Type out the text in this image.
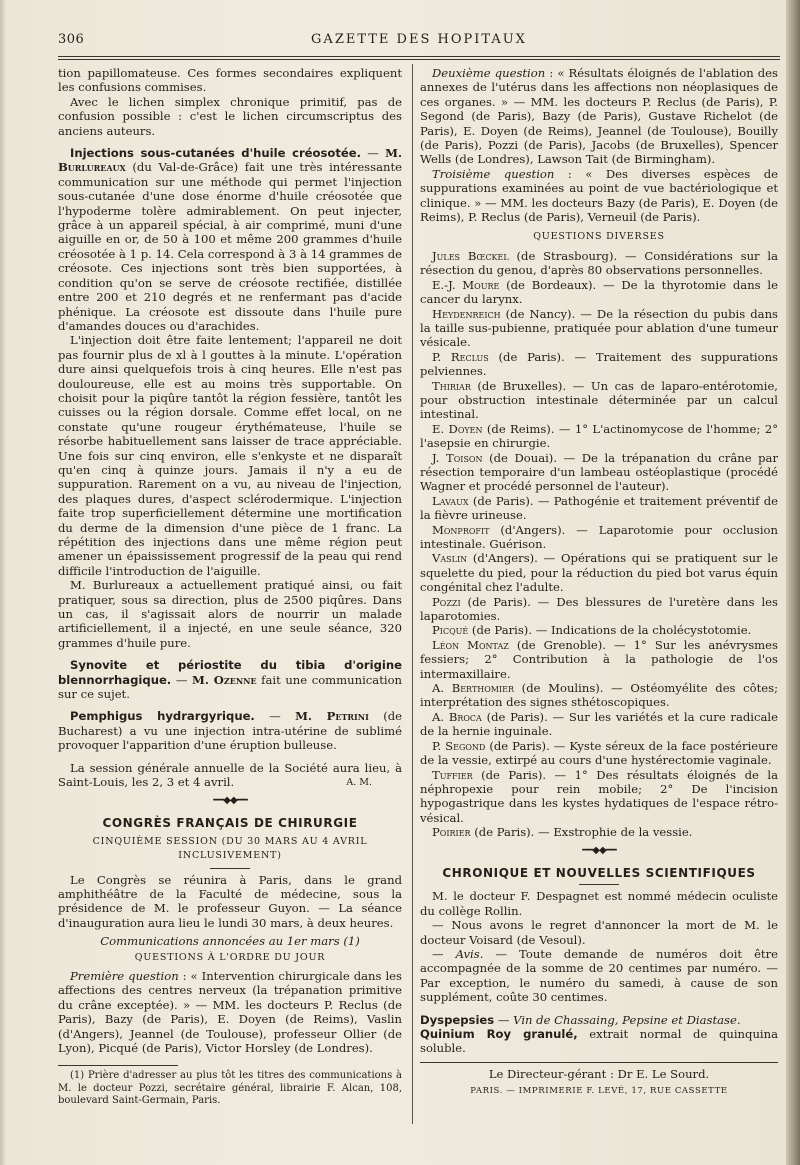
306	GAZETTE DES HOPITAUX

tion papillomateuse. Ces formes secondaires expliquent les confusions commises.

Avec le lichen simplex chronique primitif, pas de confusion possible : c'est le lichen circumscriptus des anciens auteurs.

Injections sous-cutanées d'huile créosotée. — M. Burlureaux (du Val-de-Grâce) fait une très intéressante communication sur une méthode qui permet l'injection sous-cutanée d'une dose énorme d'huile créosotée que l'hypoderme tolère admirablement. On peut injecter, grâce à un appareil spécial, à air comprimé, muni d'une aiguille en or, de 50 à 100 et même 200 grammes d'huile créosotée à 1 p. 14. Cela correspond à 3 à 14 grammes de créosote. Ces injections sont très bien supportées, à condition qu'on se serve de créosote rectifiée, distillée entre 200 et 210 degrés et ne renfermant pas d'acide phénique. La créosote est dissoute dans l'huile pure d'amandes douces ou d'arachides.

L'injection doit être faite lentement; l'appareil ne doit pas fournir plus de xl à l gouttes à la minute. L'opération dure ainsi quelquefois trois à cinq heures. Elle n'est pas douloureuse, elle est au moins très supportable. On choisit pour la piqûre tantôt la région fessière, tantôt les cuisses ou la région dorsale. Comme effet local, on ne constate qu'une rougeur érythémateuse, l'huile se résorbe habituellement sans laisser de trace appréciable. Une fois sur cinq environ, elle s'enkyste et ne disparaît qu'en cinq à quinze jours. Jamais il n'y a eu de suppuration. Rarement on a vu, au niveau de l'injection, des plaques dures, d'aspect sclérodermique. L'injection faite trop superficiellement détermine une mortification du derme de la dimension d'une pièce de 1 franc. La répétition des injections dans une même région peut amener un épaississement progressif de la peau qui rend difficile l'introduction de l'aiguille.

M. Burlureaux a actuellement pratiqué ainsi, ou fait pratiquer, sous sa direction, plus de 2500 piqûres. Dans un cas, il s'agissait alors de nourrir un malade artificiellement, il a injecté, en une seule séance, 320 grammes d'huile pure.

Synovite et périostite du tibia d'origine blennorrhagique. — M. Ozenne fait une communication sur ce sujet.

Pemphigus hydrargyrique. — M. Petrini (de Bucharest) a vu une injection intra-utérine de sublimé provoquer l'apparition d'une éruption bulleuse.

La session générale annuelle de la Société aura lieu, à Saint-Louis, les 2, 3 et 4 avril.	A. M.

━━◆◆━━
CONGRÈS FRANÇAIS DE CHIRURGIE
CINQUIÈME SESSION (DU 30 MARS AU 4 AVRIL INCLUSIVEMENT)

Le Congrès se réunira à Paris, dans le grand amphithéâtre de la Faculté de médecine, sous la présidence de M. le professeur Guyon. — La séance d'inauguration aura lieu le lundi 30 mars, à deux heures.

Communications annoncées au 1er mars (1)

QUESTIONS À L'ORDRE DU JOUR

Première question : « Intervention chirurgicale dans les affections des centres nerveux (la trépanation primitive du crâne exceptée). » — MM. les docteurs P. Reclus (de Paris), Bazy (de Paris), E. Doyen (de Reims), Vaslin (d'Angers), Jeannel (de Toulouse), professeur Ollier (de Lyon), Picqué (de Paris), Victor Horsley (de Londres).

(1) Prière d'adresser au plus tôt les titres des communications à M. le docteur Pozzi, secrétaire général, librairie F. Alcan, 108, boulevard Saint-Germain, Paris.

Deuxième question : « Résultats éloignés de l'ablation des annexes de l'utérus dans les affections non néoplasiques de ces organes. » — MM. les docteurs P. Reclus (de Paris), P. Segond (de Paris), Bazy (de Paris), Gustave Richelot (de Paris), E. Doyen (de Reims), Jeannel (de Toulouse), Bouilly (de Paris), Pozzi (de Paris), Jacobs (de Bruxelles), Spencer Wells (de Londres), Lawson Tait (de Birmingham).

Troisième question : « Des diverses espèces de suppurations examinées au point de vue bactériologique et clinique. » — MM. les docteurs Bazy (de Paris), E. Doyen (de Reims), P. Reclus (de Paris), Verneuil (de Paris).

QUESTIONS DIVERSES

Jules Bœckel (de Strasbourg). — Considérations sur la résection du genou, d'après 80 observations personnelles.

E.-J. Moure (de Bordeaux). — De la thyrotomie dans le cancer du larynx.

Heydenreich (de Nancy). — De la résection du pubis dans la taille sus-pubienne, pratiquée pour ablation d'une tumeur vésicale.

P. Reclus (de Paris). — Traitement des suppurations pelviennes.

Thiriar (de Bruxelles). — Un cas de laparo-entérotomie, pour obstruction intestinale déterminée par un calcul intestinal.

E. Doyen (de Reims). — 1° L'actinomycose de l'homme; 2° l'asepsie en chirurgie.

J. Toison (de Douai). — De la trépanation du crâne par résection temporaire d'un lambeau ostéoplastique (procédé Wagner et procédé personnel de l'auteur).

Lavaux (de Paris). — Pathogénie et traitement préventif de la fièvre urineuse.

Monprofit (d'Angers). — Laparotomie pour occlusion intestinale. Guérison.

Vaslin (d'Angers). — Opérations qui se pratiquent sur le squelette du pied, pour la réduction du pied bot varus équin congénital chez l'adulte.

Pozzi (de Paris). — Des blessures de l'uretère dans les laparotomies.

Picqué (de Paris). — Indications de la cholécystotomie.

Léon Montaz (de Grenoble). — 1° Sur les anévrysmes fessiers; 2° Contribution à la pathologie de l'os intermaxillaire.

A. Berthomier (de Moulins). — Ostéomyélite des côtes; interprétation des signes sthétoscopiques.

A. Broca (de Paris). — Sur les variétés et la cure radicale de la hernie inguinale.

P. Segond (de Paris). — Kyste séreux de la face postérieure de la vessie, extirpé au cours d'une hystérectomie vaginale.

Tuffier (de Paris). — 1° Des résultats éloignés de la néphropexie pour rein mobile; 2° De l'incision hypogastrique dans les kystes hydatiques de l'espace rétro-vésical.

Poirier (de Paris). — Exstrophie de la vessie.

━━◆◆━━
CHRONIQUE ET NOUVELLES SCIENTIFIQUES

M. le docteur F. Despagnet est nommé médecin oculiste du collège Rollin.

— Nous avons le regret d'annoncer la mort de M. le docteur Voisard (de Vesoul).

— Avis. — Toute demande de numéros doit être accompagnée de la somme de 20 centimes par numéro. — Par exception, le numéro du samedi, à cause de son supplément, coûte 30 centimes.

Dyspepsies — Vin de Chassaing, Pepsine et Diastase.

Quinium Roy granulé, extrait normal de quinquina soluble.

Le Directeur-gérant : Dr E. Le Sourd.
PARIS. — IMPRIMERIE F. LEVÉ, 17, RUE CASSETTE
